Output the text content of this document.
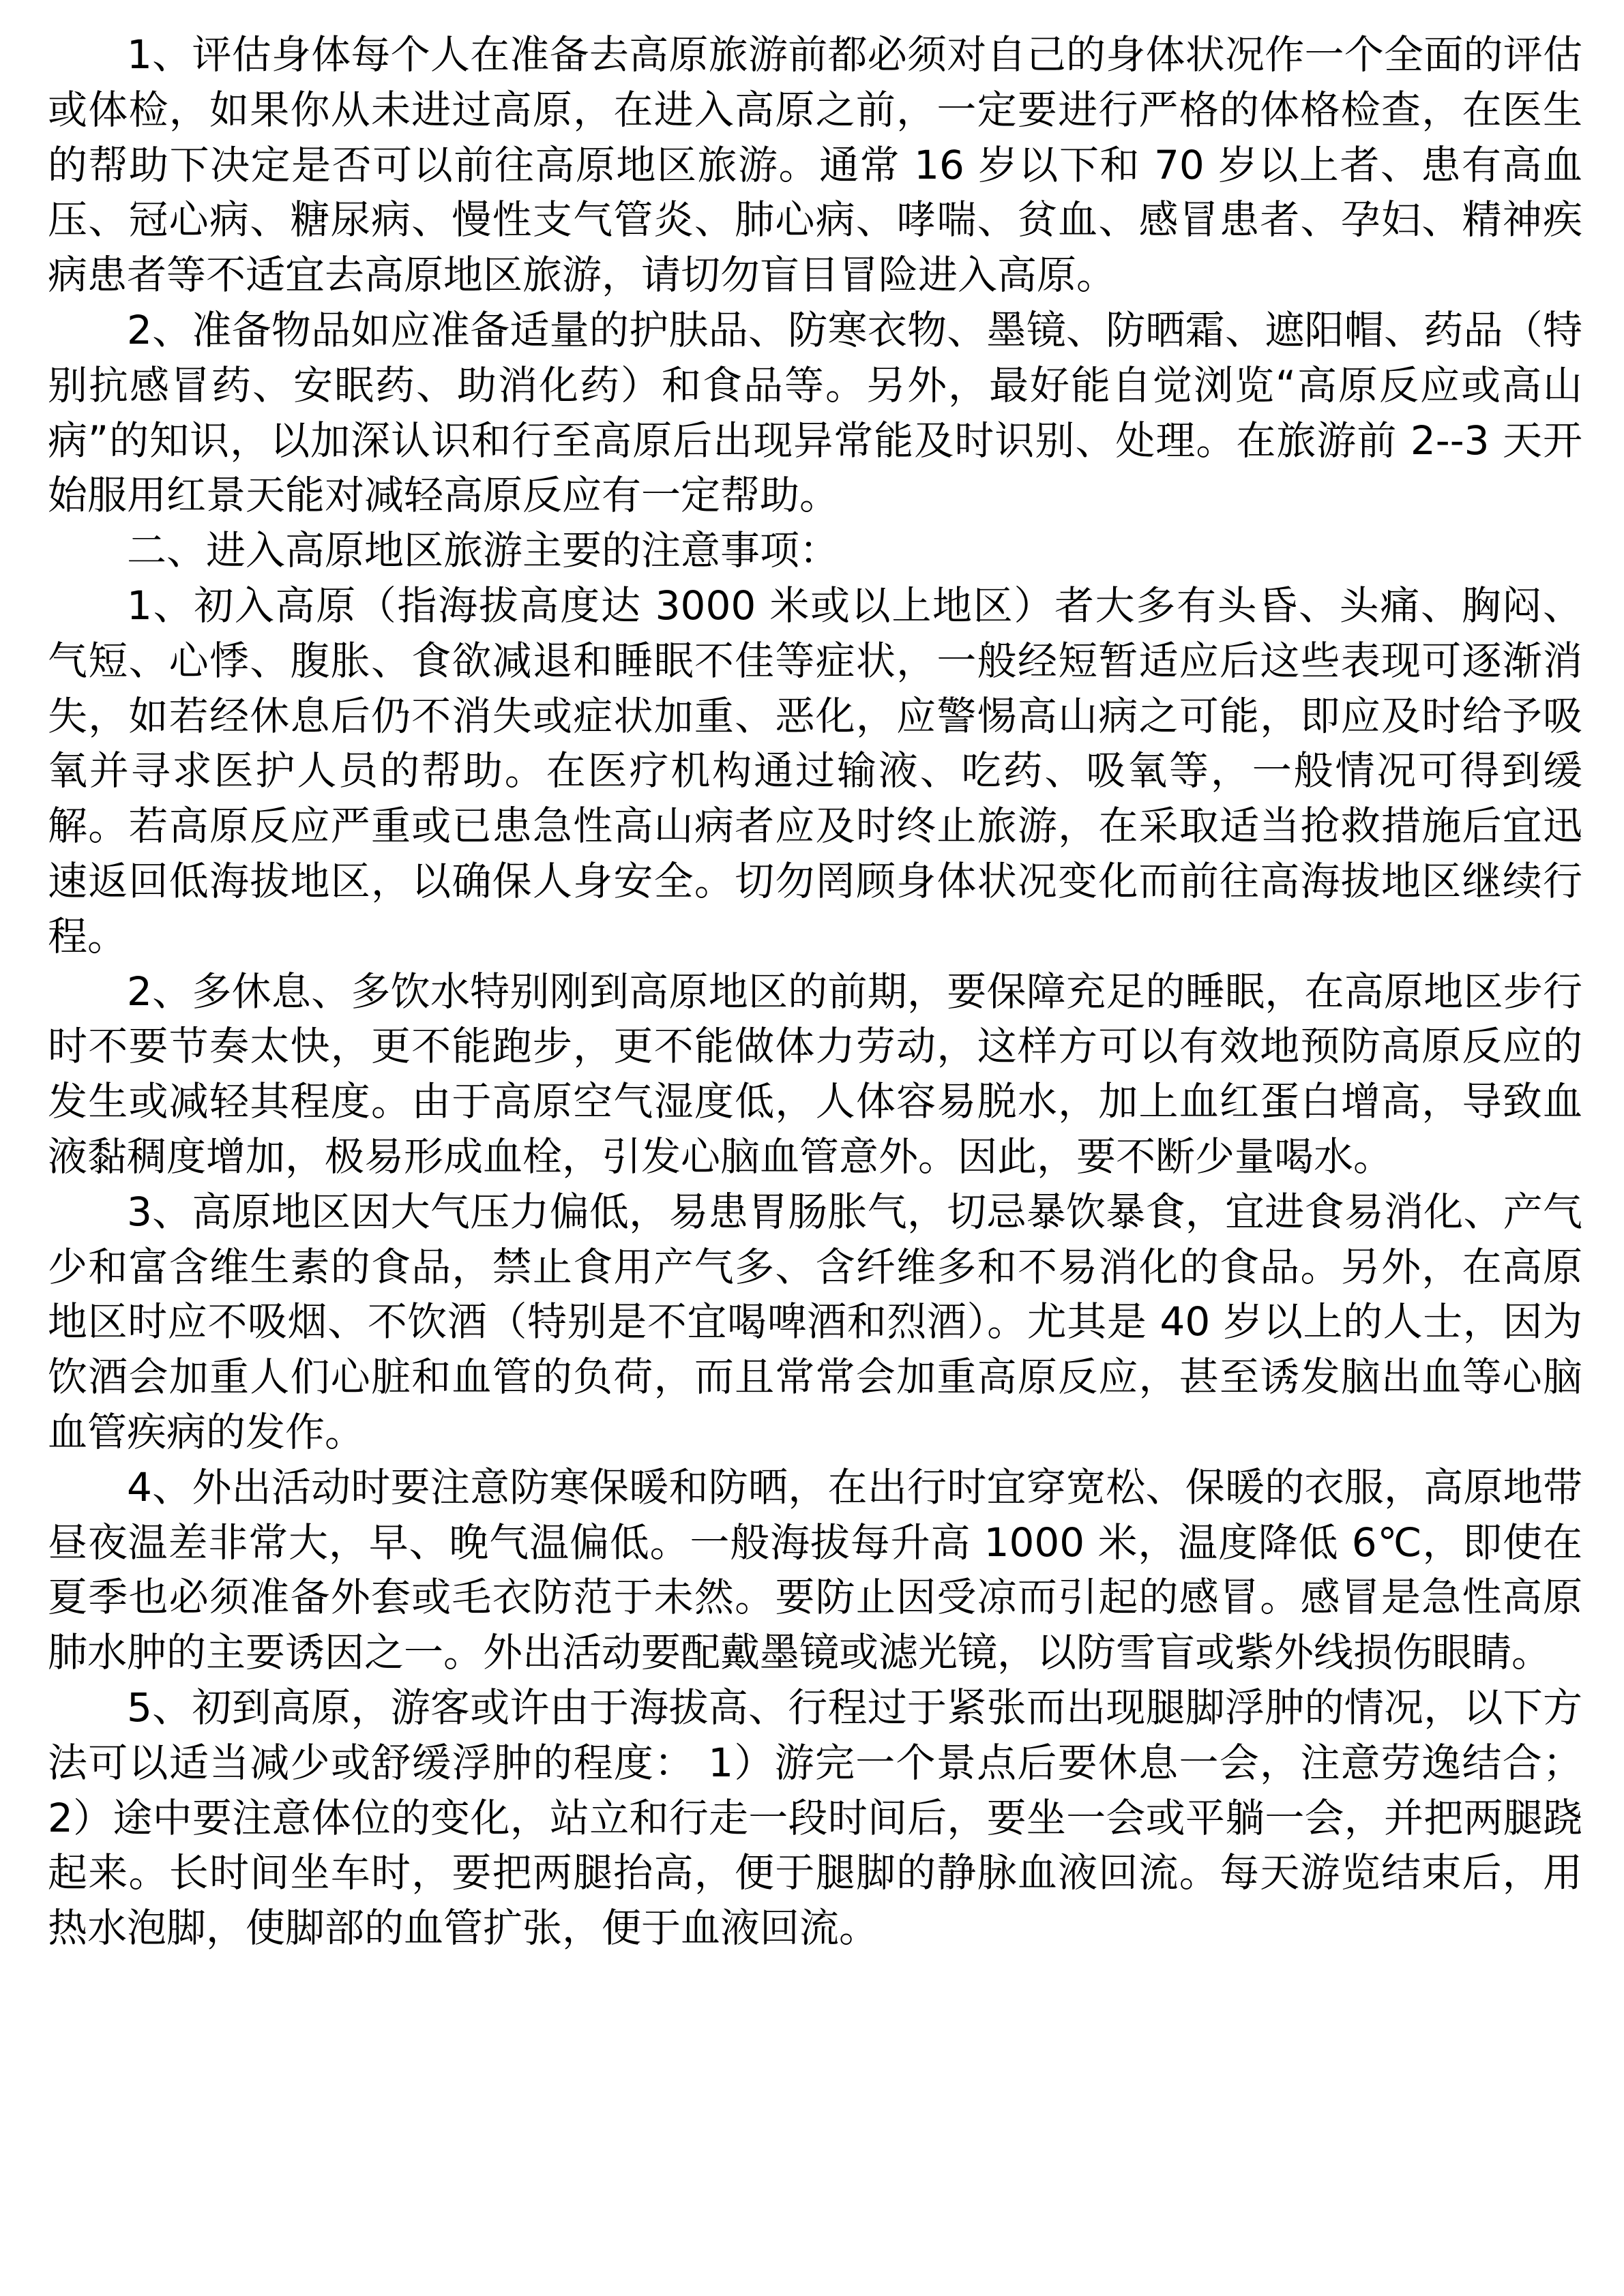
1、评估身体每个人在准备去高原旅游前都必须对自己的身体状况作一个全面的评估或体检，如果你从未进过高原，在进入高原之前，一定要进行严格的体格检查，在医生的帮助下决定是否可以前往高原地区旅游。通常 16 岁以下和 70 岁以上者、患有高血压、冠心病、糖尿病、慢性支气管炎、肺心病、哮喘、贫血、感冒患者、孕妇、精神疾病患者等不适宜去高原地区旅游，请切勿盲目冒险进入高原。

2、准备物品如应准备适量的护肤品、防寒衣物、墨镜、防晒霜、遮阳帽、药品（特别抗感冒药、安眠药、助消化药）和食品等。另外，最好能自觉浏览“高原反应或高山病”的知识，以加深认识和行至高原后出现异常能及时识别、处理。在旅游前 2--3 天开始服用红景天能对减轻高原反应有一定帮助。

二、进入高原地区旅游主要的注意事项：

1、初入高原（指海拔高度达 3000 米或以上地区）者大多有头昏、头痛、胸闷、气短、心悸、腹胀、食欲减退和睡眠不佳等症状，一般经短暂适应后这些表现可逐渐消失，如若经休息后仍不消失或症状加重、恶化，应警惕高山病之可能，即应及时给予吸氧并寻求医护人员的帮助。在医疗机构通过输液、吃药、吸氧等，一般情况可得到缓解。若高原反应严重或已患急性高山病者应及时终止旅游，在采取适当抢救措施后宜迅速返回低海拔地区，以确保人身安全。切勿罔顾身体状况变化而前往高海拔地区继续行程。

2、多休息、多饮水特别刚到高原地区的前期，要保障充足的睡眠，在高原地区步行时不要节奏太快，更不能跑步，更不能做体力劳动，这样方可以有效地预防高原反应的发生或减轻其程度。由于高原空气湿度低，人体容易脱水，加上血红蛋白增高，导致血液黏稠度增加，极易形成血栓，引发心脑血管意外。因此，要不断少量喝水。

3、高原地区因大气压力偏低，易患胃肠胀气，切忌暴饮暴食，宜进食易消化、产气少和富含维生素的食品，禁止食用产气多、含纤维多和不易消化的食品。另外，在高原地区时应不吸烟、不饮酒（特别是不宜喝啤酒和烈酒）。尤其是 40 岁以上的人士，因为饮酒会加重人们心脏和血管的负荷，而且常常会加重高原反应，甚至诱发脑出血等心脑血管疾病的发作。

4、外出活动时要注意防寒保暖和防晒，在出行时宜穿宽松、保暖的衣服，高原地带昼夜温差非常大，早、晚气温偏低。一般海拔每升高 1000 米，温度降低 6℃，即使在夏季也必须准备外套或毛衣防范于未然。要防止因受凉而引起的感冒。感冒是急性高原肺水肿的主要诱因之一。外出活动要配戴墨镜或滤光镜，以防雪盲或紫外线损伤眼睛。

5、初到高原，游客或许由于海拔高、行程过于紧张而出现腿脚浮肿的情况，以下方法可以适当减少或舒缓浮肿的程度： 1）游完一个景点后要休息一会，注意劳逸结合； 2）途中要注意体位的变化，站立和行走一段时间后，要坐一会或平躺一会，并把两腿跷起来。长时间坐车时，要把两腿抬高，便于腿脚的静脉血液回流。每天游览结束后，用热水泡脚，使脚部的血管扩张，便于血液回流。
